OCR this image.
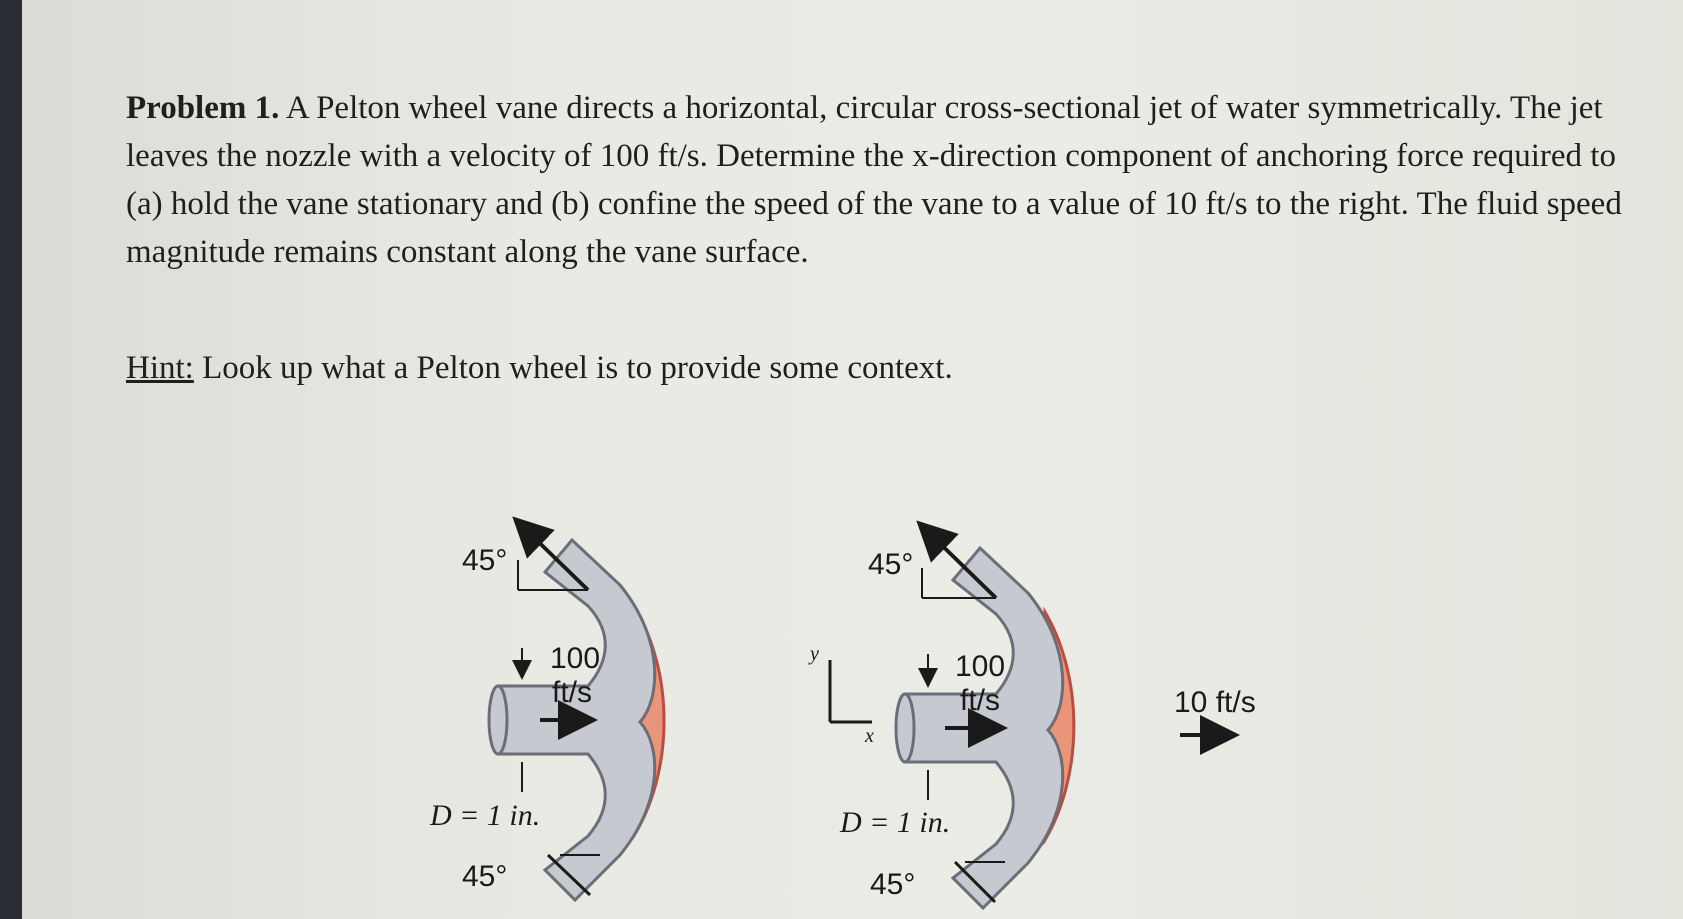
Problem 1. A Pelton wheel vane directs a horizontal, circular cross-sectional jet of water symmetrically. The jet leaves the nozzle with a velocity of 100 ft/s. Determine the x-direction component of anchoring force required to (a) hold the vane stationary and (b) confine the speed of the vane to a value of 10 ft/s to the right. The fluid speed magnitude remains constant along the vane surface.
Hint: Look up what a Pelton wheel is to provide some context.
45°
100
ft/s
D = 1 in.
45°
y
x
10 ft/s
45°
100
ft/s
D = 1 in.
45°
